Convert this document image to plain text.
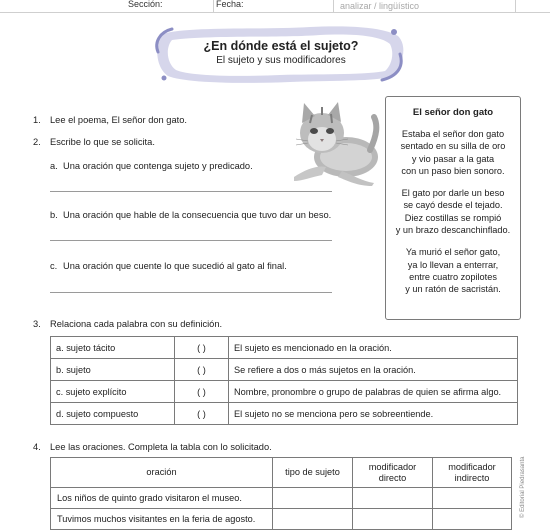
Sección:	Fecha:	analizar / lingüístico
¿En dónde está el sujeto?
El sujeto y sus modificadores
El señor don gato
Estaba el señor don gato
sentado en su silla de oro
y vio pasar a la gata
con un paso bien sonoro.
El gato por darle un beso
se cayó desde el tejado.
Diez costillas se rompió
y un brazo descanchinflado.
Ya murió el señor gato,
ya lo llevan a enterrar,
entre cuatro zopilotes
y un ratón de sacristán.
1. Lee el poema, El señor don gato.
2. Escribe lo que se solicita.
a. Una oración que contenga sujeto y predicado.
b. Una oración que hable de la consecuencia que tuvo dar un beso.
c. Una oración que cuente lo que sucedió al gato al final.
3. Relaciona cada palabra con su definición.
a. sujeto tácito	( )	El sujeto es mencionado en la oración.
b. sujeto	( )	Se refiere a dos o más sujetos en la oración.
c. sujeto explícito	( )	Nombre, pronombre o grupo de palabras de quien se afirma algo.
d. sujeto compuesto	( )	El sujeto no se menciona pero se sobreentiende.
4. Lee las oraciones. Completa la tabla con lo solicitado.
oración	tipo de sujeto	modificador directo	modificador indirecto
Los niños de quinto grado visitaron el museo.			
Tuvimos muchos visitantes en la feria de agosto.			
© Editorial Piedrasanta
